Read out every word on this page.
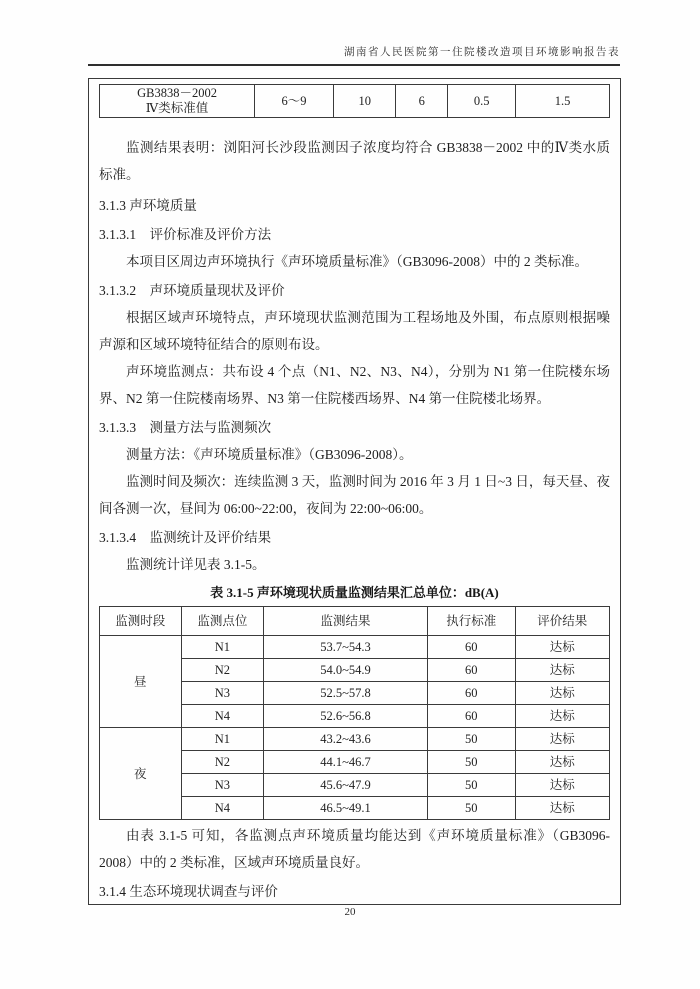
湖南省人民医院第一住院楼改造项目环境影响报告表
GB3838－2002
Ⅳ类标准值
	6～9	10	6	0.5	1.5

监测结果表明：浏阳河长沙段监测因子浓度均符合 GB3838－2002 中的Ⅳ类水质标准。

3.1.3 声环境质量
3.1.3.1　评价标准及评价方法

本项目区周边声环境执行《声环境质量标准》（GB3096-2008）中的 2 类标准。

3.1.3.2　声环境质量现状及评价

根据区域声环境特点，声环境现状监测范围为工程场地及外围，布点原则根据噪声源和区域环境特征结合的原则布设。

声环境监测点：共布设 4 个点（N1、N2、N3、N4），分别为 N1 第一住院楼东场界、N2 第一住院楼南场界、N3 第一住院楼西场界、N4 第一住院楼北场界。

3.1.3.3　测量方法与监测频次

测量方法：《声环境质量标准》（GB3096-2008）。

监测时间及频次：连续监测 3 天，监测时间为 2016 年 3 月 1 日~3 日，每天昼、夜间各测一次，昼间为 06:00~22:00，夜间为 22:00~06:00。

3.1.3.4　监测统计及评价结果

监测统计详见表 3.1-5。

表 3.1-5 声环境现状质量监测结果汇总单位：dB(A)
监测时段	监测点位	监测结果	执行标准	评价结果
昼	N1	53.7~54.3	60	达标
	N2	54.0~54.9	60	达标
	N3	52.5~57.8	60	达标
	N4	52.6~56.8	60	达标
夜	N1	43.2~43.6	50	达标
	N2	44.1~46.7	50	达标
	N3	45.6~47.9	50	达标
	N4	46.5~49.1	50	达标

由表 3.1-5 可知，各监测点声环境质量均能达到《声环境质量标准》（GB3096-2008）中的 2 类标准，区域声环境质量良好。

3.1.4 生态环境现状调查与评价
20
